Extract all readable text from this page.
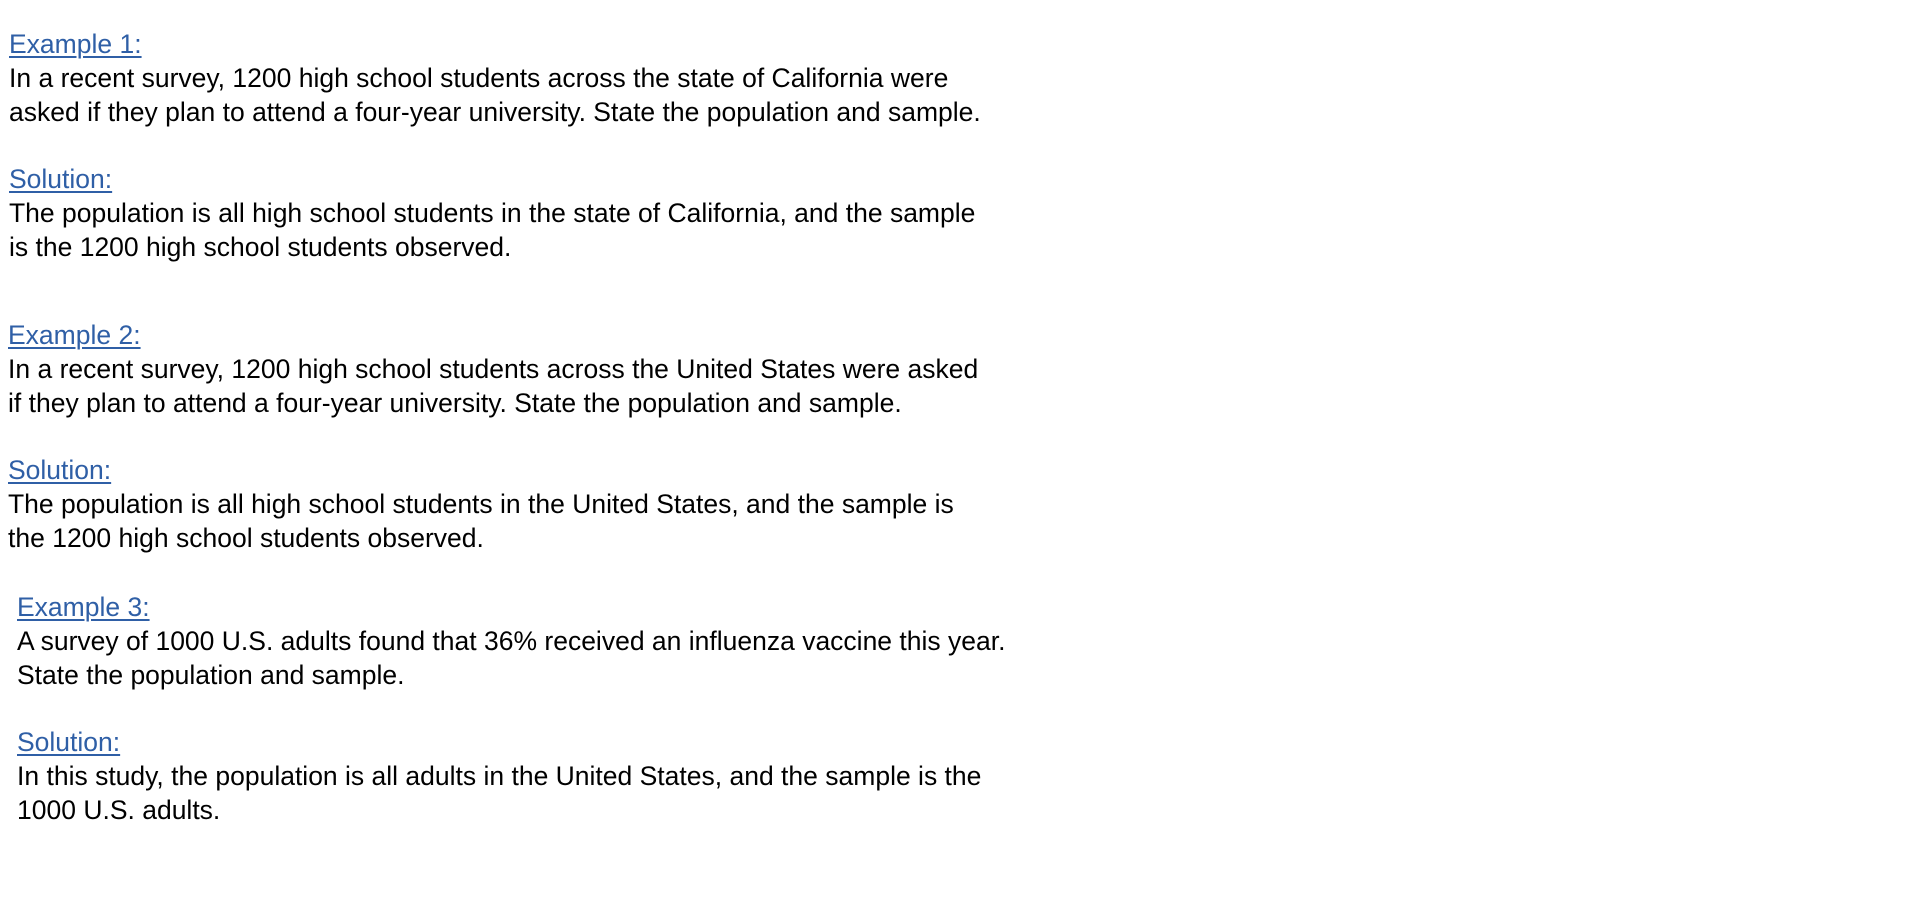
Example 1:
In a recent survey, 1200 high school students across the state of California were
asked if they plan to attend a four-year university. State the population and sample.
Solution:
The population is all high school students in the state of California, and the sample
is the 1200 high school students observed.
Example 2:
In a recent survey, 1200 high school students across the United States were asked
if they plan to attend a four-year university. State the population and sample.
Solution:
The population is all high school students in the United States, and the sample is
the 1200 high school students observed.
Example 3:
A survey of 1000 U.S. adults found that 36% received an influenza vaccine this year.
State the population and sample.
Solution:
In this study, the population is all adults in the United States, and the sample is the
1000 U.S. adults.
